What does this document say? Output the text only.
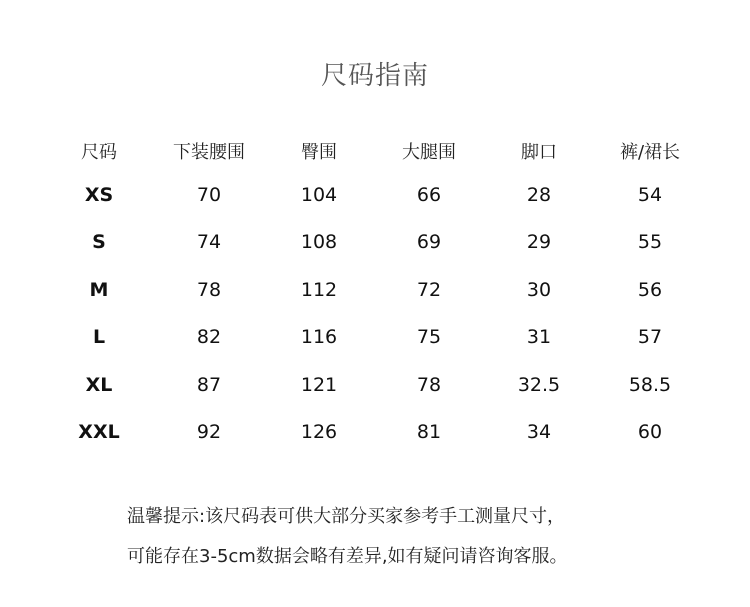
尺码指南
尺码	下装腰围	臀围	大腿围	脚口	裤/裙长
XS	70	104	66	28	54
S	74	108	69	29	55
M	78	112	72	30	56
L	82	116	75	31	57
XL	87	121	78	32.5	58.5
XXL	92	126	81	34	60
温馨提示:该尺码表可供大部分买家参考手工测量尺寸，
可能存在3-5cm数据会略有差异,如有疑问请咨询客服。
